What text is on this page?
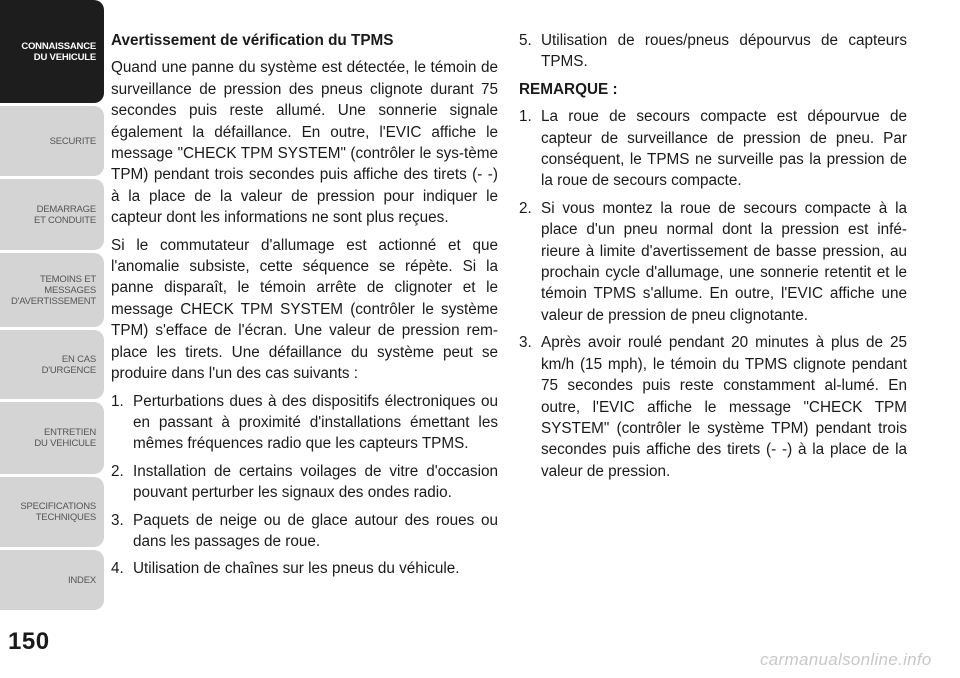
CONNAISSANCE
DU VEHICULE
SECURITE
DEMARRAGE
ET CONDUITE
TEMOINS ET
MESSAGES
D'AVERTISSEMENT
EN CAS
D'URGENCE
ENTRETIEN
DU VEHICULE
SPECIFICATIONS
TECHNIQUES
INDEX
150

Avertissement de vérification du TPMS

Quand une panne du système est détectée, le témoin de surveillance de pression des pneus clignote durant 75 secondes puis reste allumé. Une sonnerie signale également la défaillance. En outre, l'EVIC affiche le message "CHECK TPM SYSTEM" (contrôler le sys-tème TPM) pendant trois secondes puis affiche des tirets (- -) à la place de la valeur de pression pour indiquer le capteur dont les informations ne sont plus reçues.

Si le commutateur d'allumage est actionné et que l'anomalie subsiste, cette séquence se répète. Si la panne disparaît, le témoin arrête de clignoter et le message CHECK TPM SYSTEM (contrôler le système TPM) s'efface de l'écran. Une valeur de pression rem-place les tirets. Une défaillance du système peut se produire dans l'un des cas suivants :

1. Perturbations dues à des dispositifs électroniques ou en passant à proximité d'installations émettant les mêmes fréquences radio que les capteurs TPMS.
2. Installation de certains voilages de vitre d'occasion pouvant perturber les signaux des ondes radio.
3. Paquets de neige ou de glace autour des roues ou dans les passages de roue.
4. Utilisation de chaînes sur les pneus du véhicule.
5. Utilisation de roues/pneus dépourvus de capteurs TPMS.

REMARQUE :

1. La roue de secours compacte est dépourvue de capteur de surveillance de pression de pneu. Par conséquent, le TPMS ne surveille pas la pression de la roue de secours compacte.
2. Si vous montez la roue de secours compacte à la place d'un pneu normal dont la pression est infé-rieure à limite d'avertissement de basse pression, au prochain cycle d'allumage, une sonnerie retentit et le témoin TPMS s'allume. En outre, l'EVIC affiche une valeur de pression de pneu clignotante.
3. Après avoir roulé pendant 20 minutes à plus de 25 km/h (15 mph), le témoin du TPMS clignote pendant 75 secondes puis reste constamment al-lumé. En outre, l'EVIC affiche le message "CHECK TPM SYSTEM" (contrôler le système TPM) pendant trois secondes puis affiche des tirets (- -) à la place de la valeur de pression.
carmanualsonline.info
